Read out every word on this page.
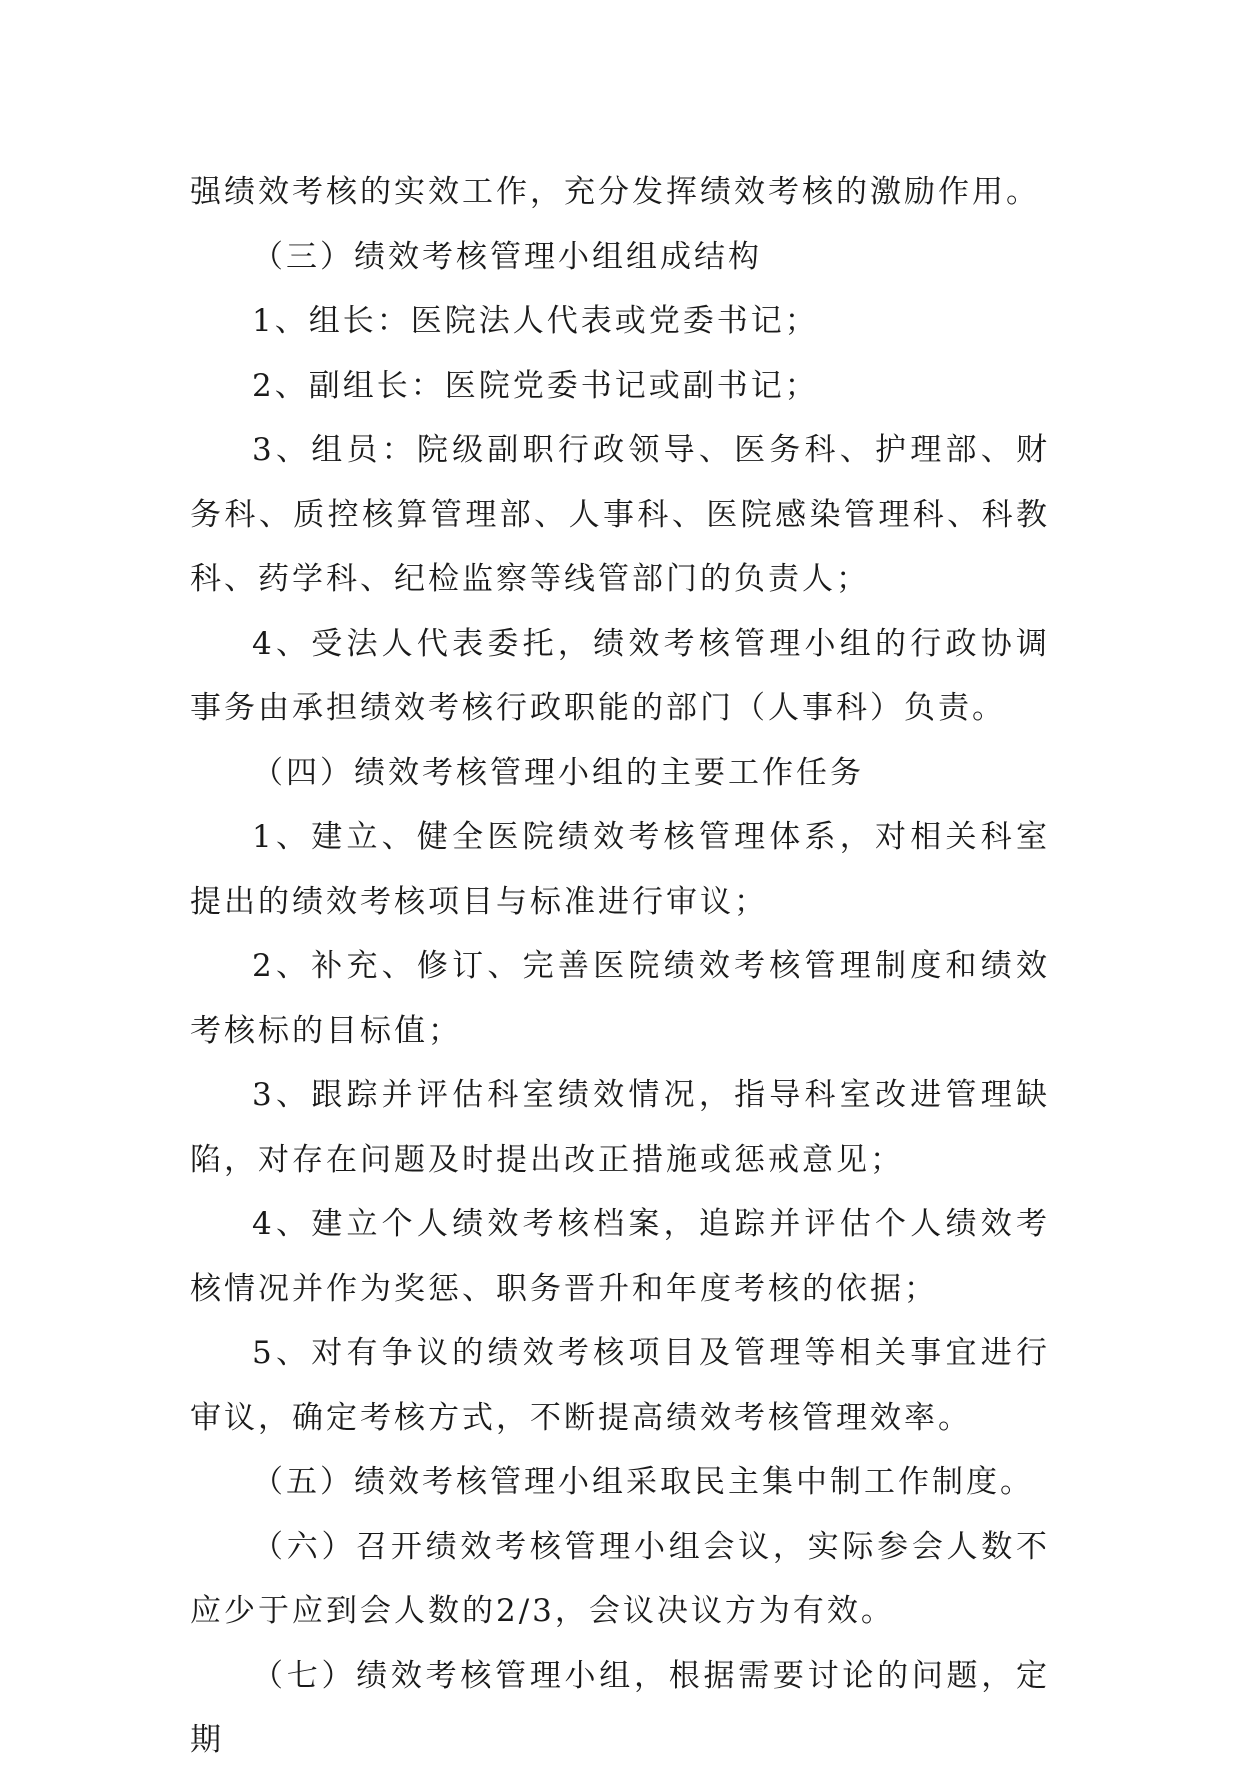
强绩效考核的实效工作，充分发挥绩效考核的激励作用。

（三）绩效考核管理小组组成结构

1、组长：医院法人代表或党委书记；

2、副组长：医院党委书记或副书记；

3、组员：院级副职行政领导、医务科、护理部、财务科、质控核算管理部、人事科、医院感染管理科、科教科、药学科、纪检监察等线管部门的负责人；

4、受法人代表委托，绩效考核管理小组的行政协调事务由承担绩效考核行政职能的部门（人事科）负责。

（四）绩效考核管理小组的主要工作任务

1、建立、健全医院绩效考核管理体系，对相关科室提出的绩效考核项目与标准进行审议；

2、补充、修订、完善医院绩效考核管理制度和绩效考核标的目标值；

3、跟踪并评估科室绩效情况，指导科室改进管理缺陷，对存在问题及时提出改正措施或惩戒意见；

4、建立个人绩效考核档案，追踪并评估个人绩效考核情况并作为奖惩、职务晋升和年度考核的依据；

5、对有争议的绩效考核项目及管理等相关事宜进行审议，确定考核方式，不断提高绩效考核管理效率。

（五）绩效考核管理小组采取民主集中制工作制度。

（六）召开绩效考核管理小组会议，实际参会人数不应少于应到会人数的2/3，会议决议方为有效。

（七）绩效考核管理小组，根据需要讨论的问题，定期
